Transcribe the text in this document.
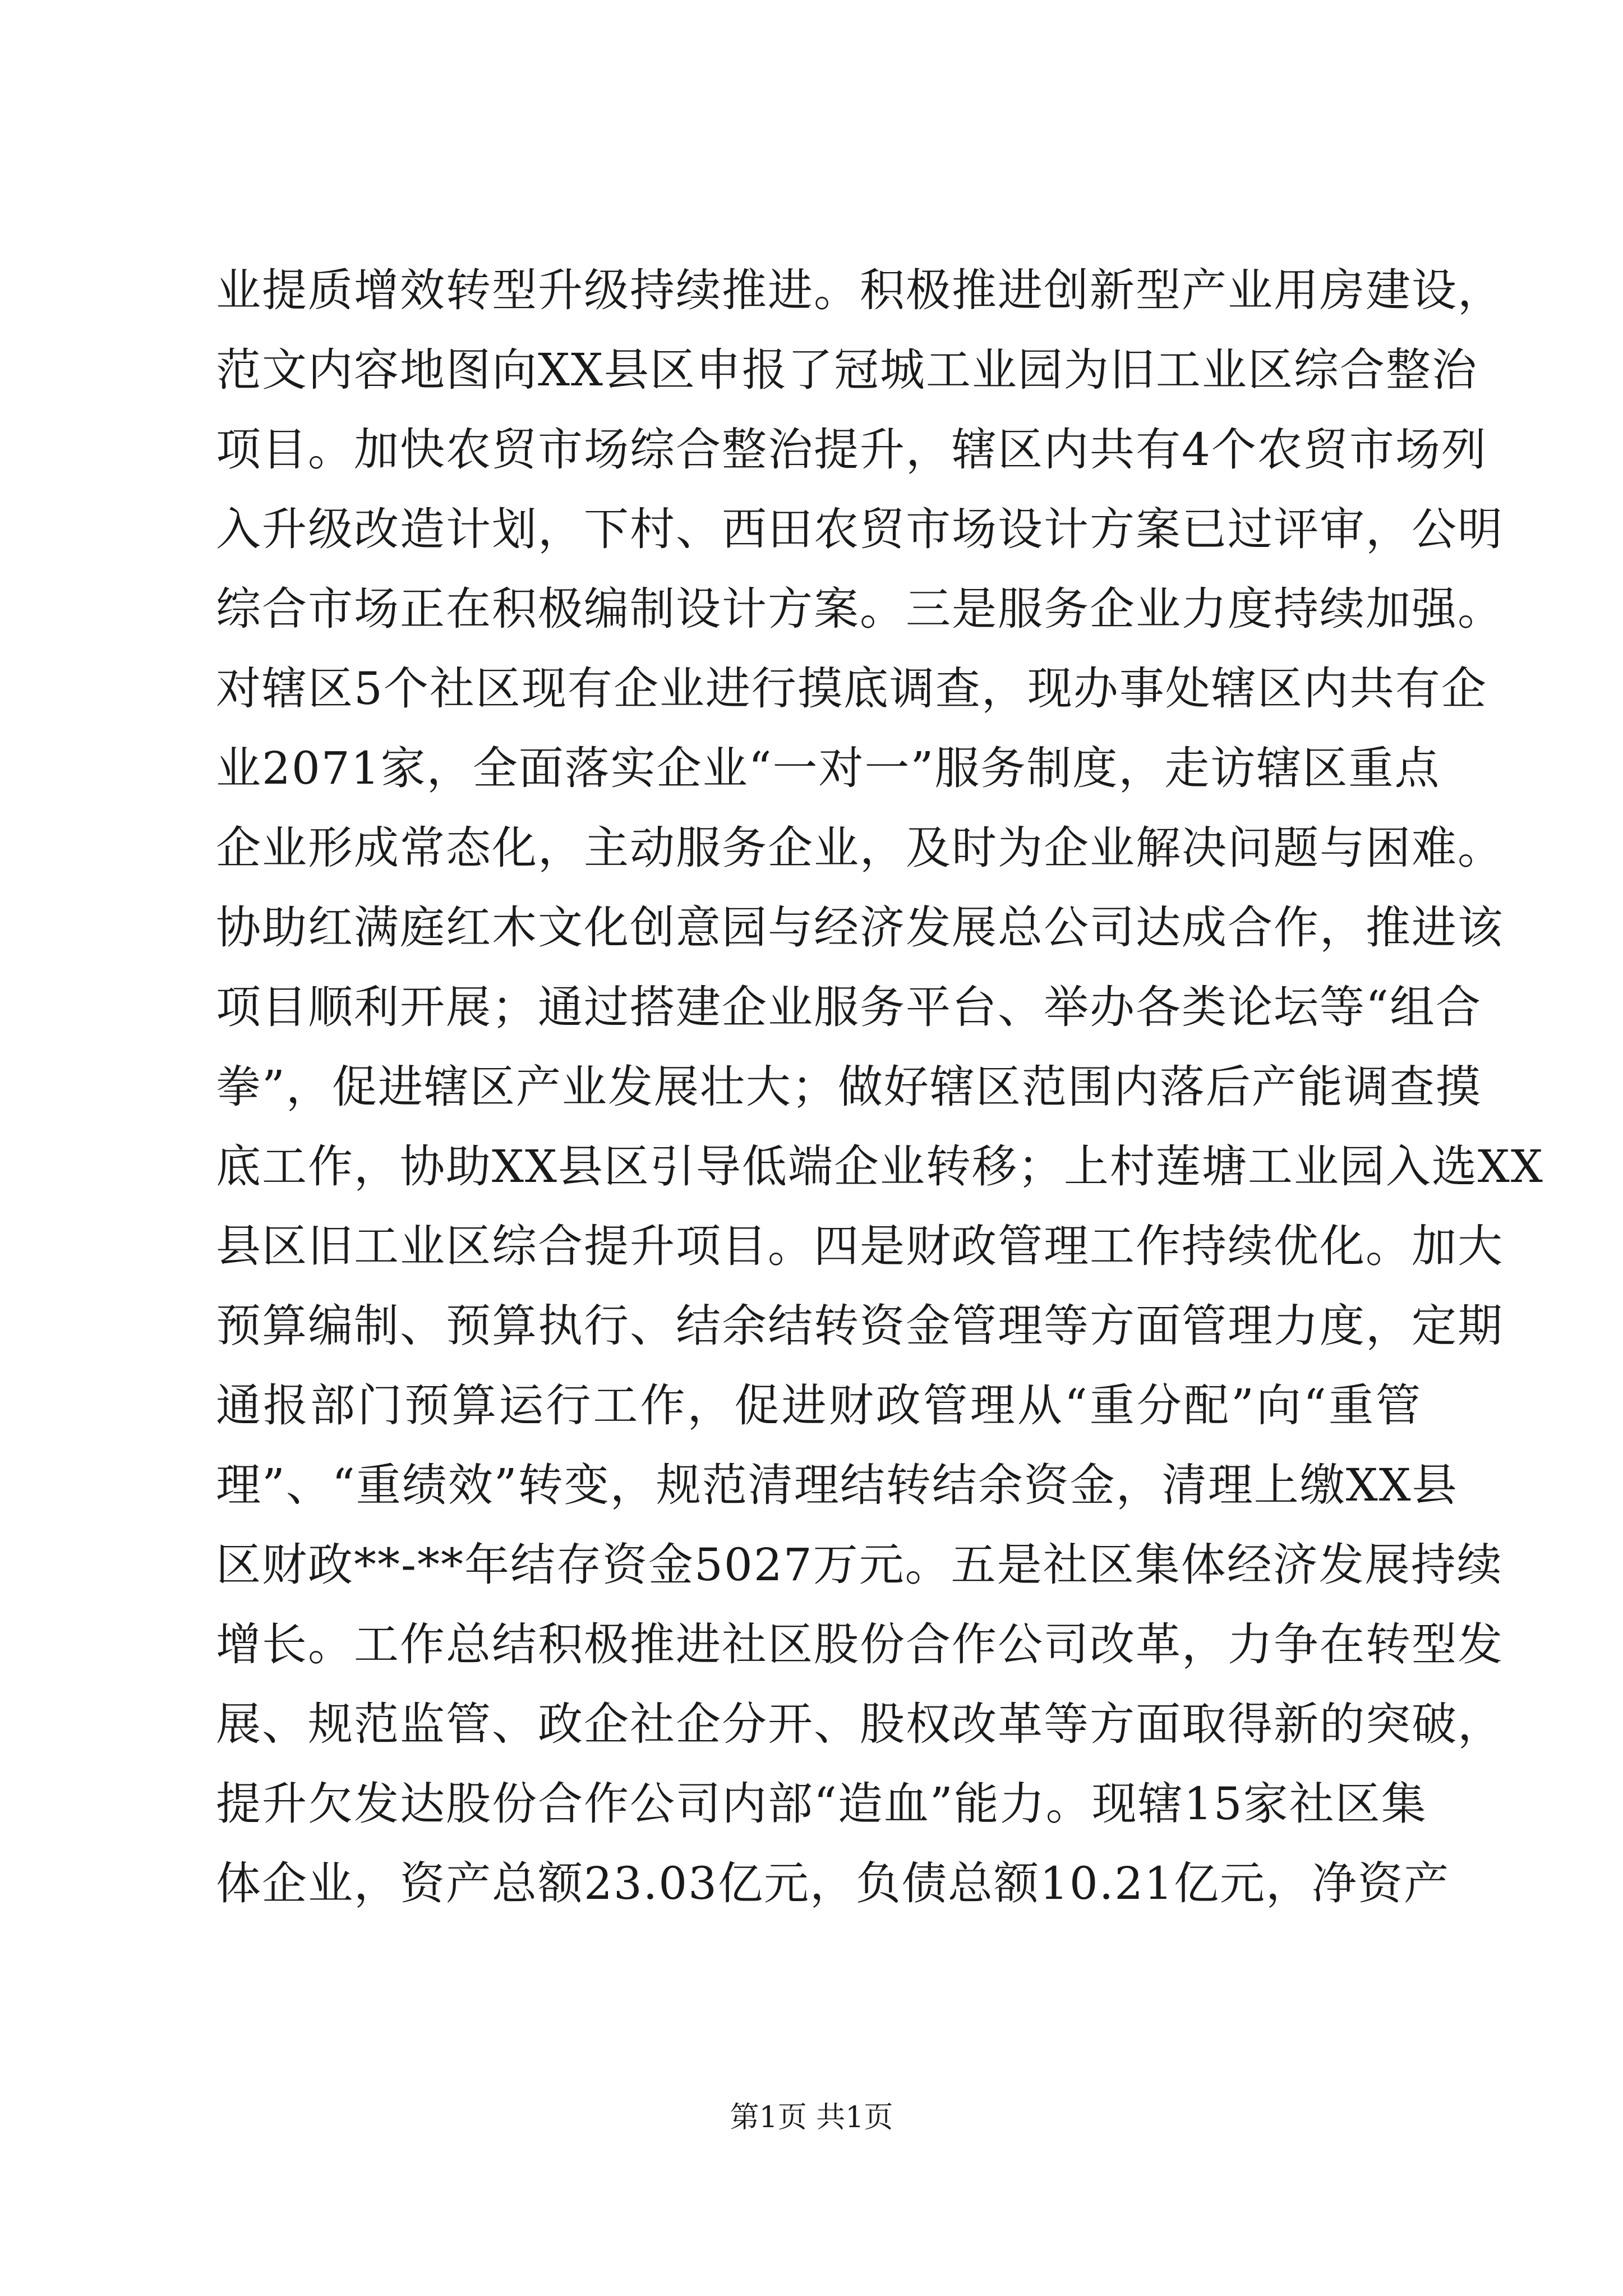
业提质增效转型升级持续推进。积极推进创新型产业用房建设，
范文内容地图向XX县区申报了冠城工业园为旧工业区综合整治
项目。加快农贸市场综合整治提升，辖区内共有4个农贸市场列
入升级改造计划，下村、西田农贸市场设计方案已过评审，公明
综合市场正在积极编制设计方案。三是服务企业力度持续加强。
对辖区5个社区现有企业进行摸底调查，现办事处辖区内共有企
业2071家，全面落实企业“一对一”服务制度，走访辖区重点
企业形成常态化，主动服务企业，及时为企业解决问题与困难。
协助红满庭红木文化创意园与经济发展总公司达成合作，推进该
项目顺利开展；通过搭建企业服务平台、举办各类论坛等“组合
拳”，促进辖区产业发展壮大；做好辖区范围内落后产能调查摸
底工作，协助XX县区引导低端企业转移；上村莲塘工业园入选XX
县区旧工业区综合提升项目。四是财政管理工作持续优化。加大
预算编制、预算执行、结余结转资金管理等方面管理力度，定期
通报部门预算运行工作，促进财政管理从“重分配”向“重管
理”、“重绩效”转变，规范清理结转结余资金，清理上缴XX县
区财政**-**年结存资金5027万元。五是社区集体经济发展持续
增长。工作总结积极推进社区股份合作公司改革，力争在转型发
展、规范监管、政企社企分开、股权改革等方面取得新的突破，
提升欠发达股份合作公司内部“造血”能力。现辖15家社区集
体企业，资产总额23.03亿元，负债总额10.21亿元，净资产
第1页 共1页
